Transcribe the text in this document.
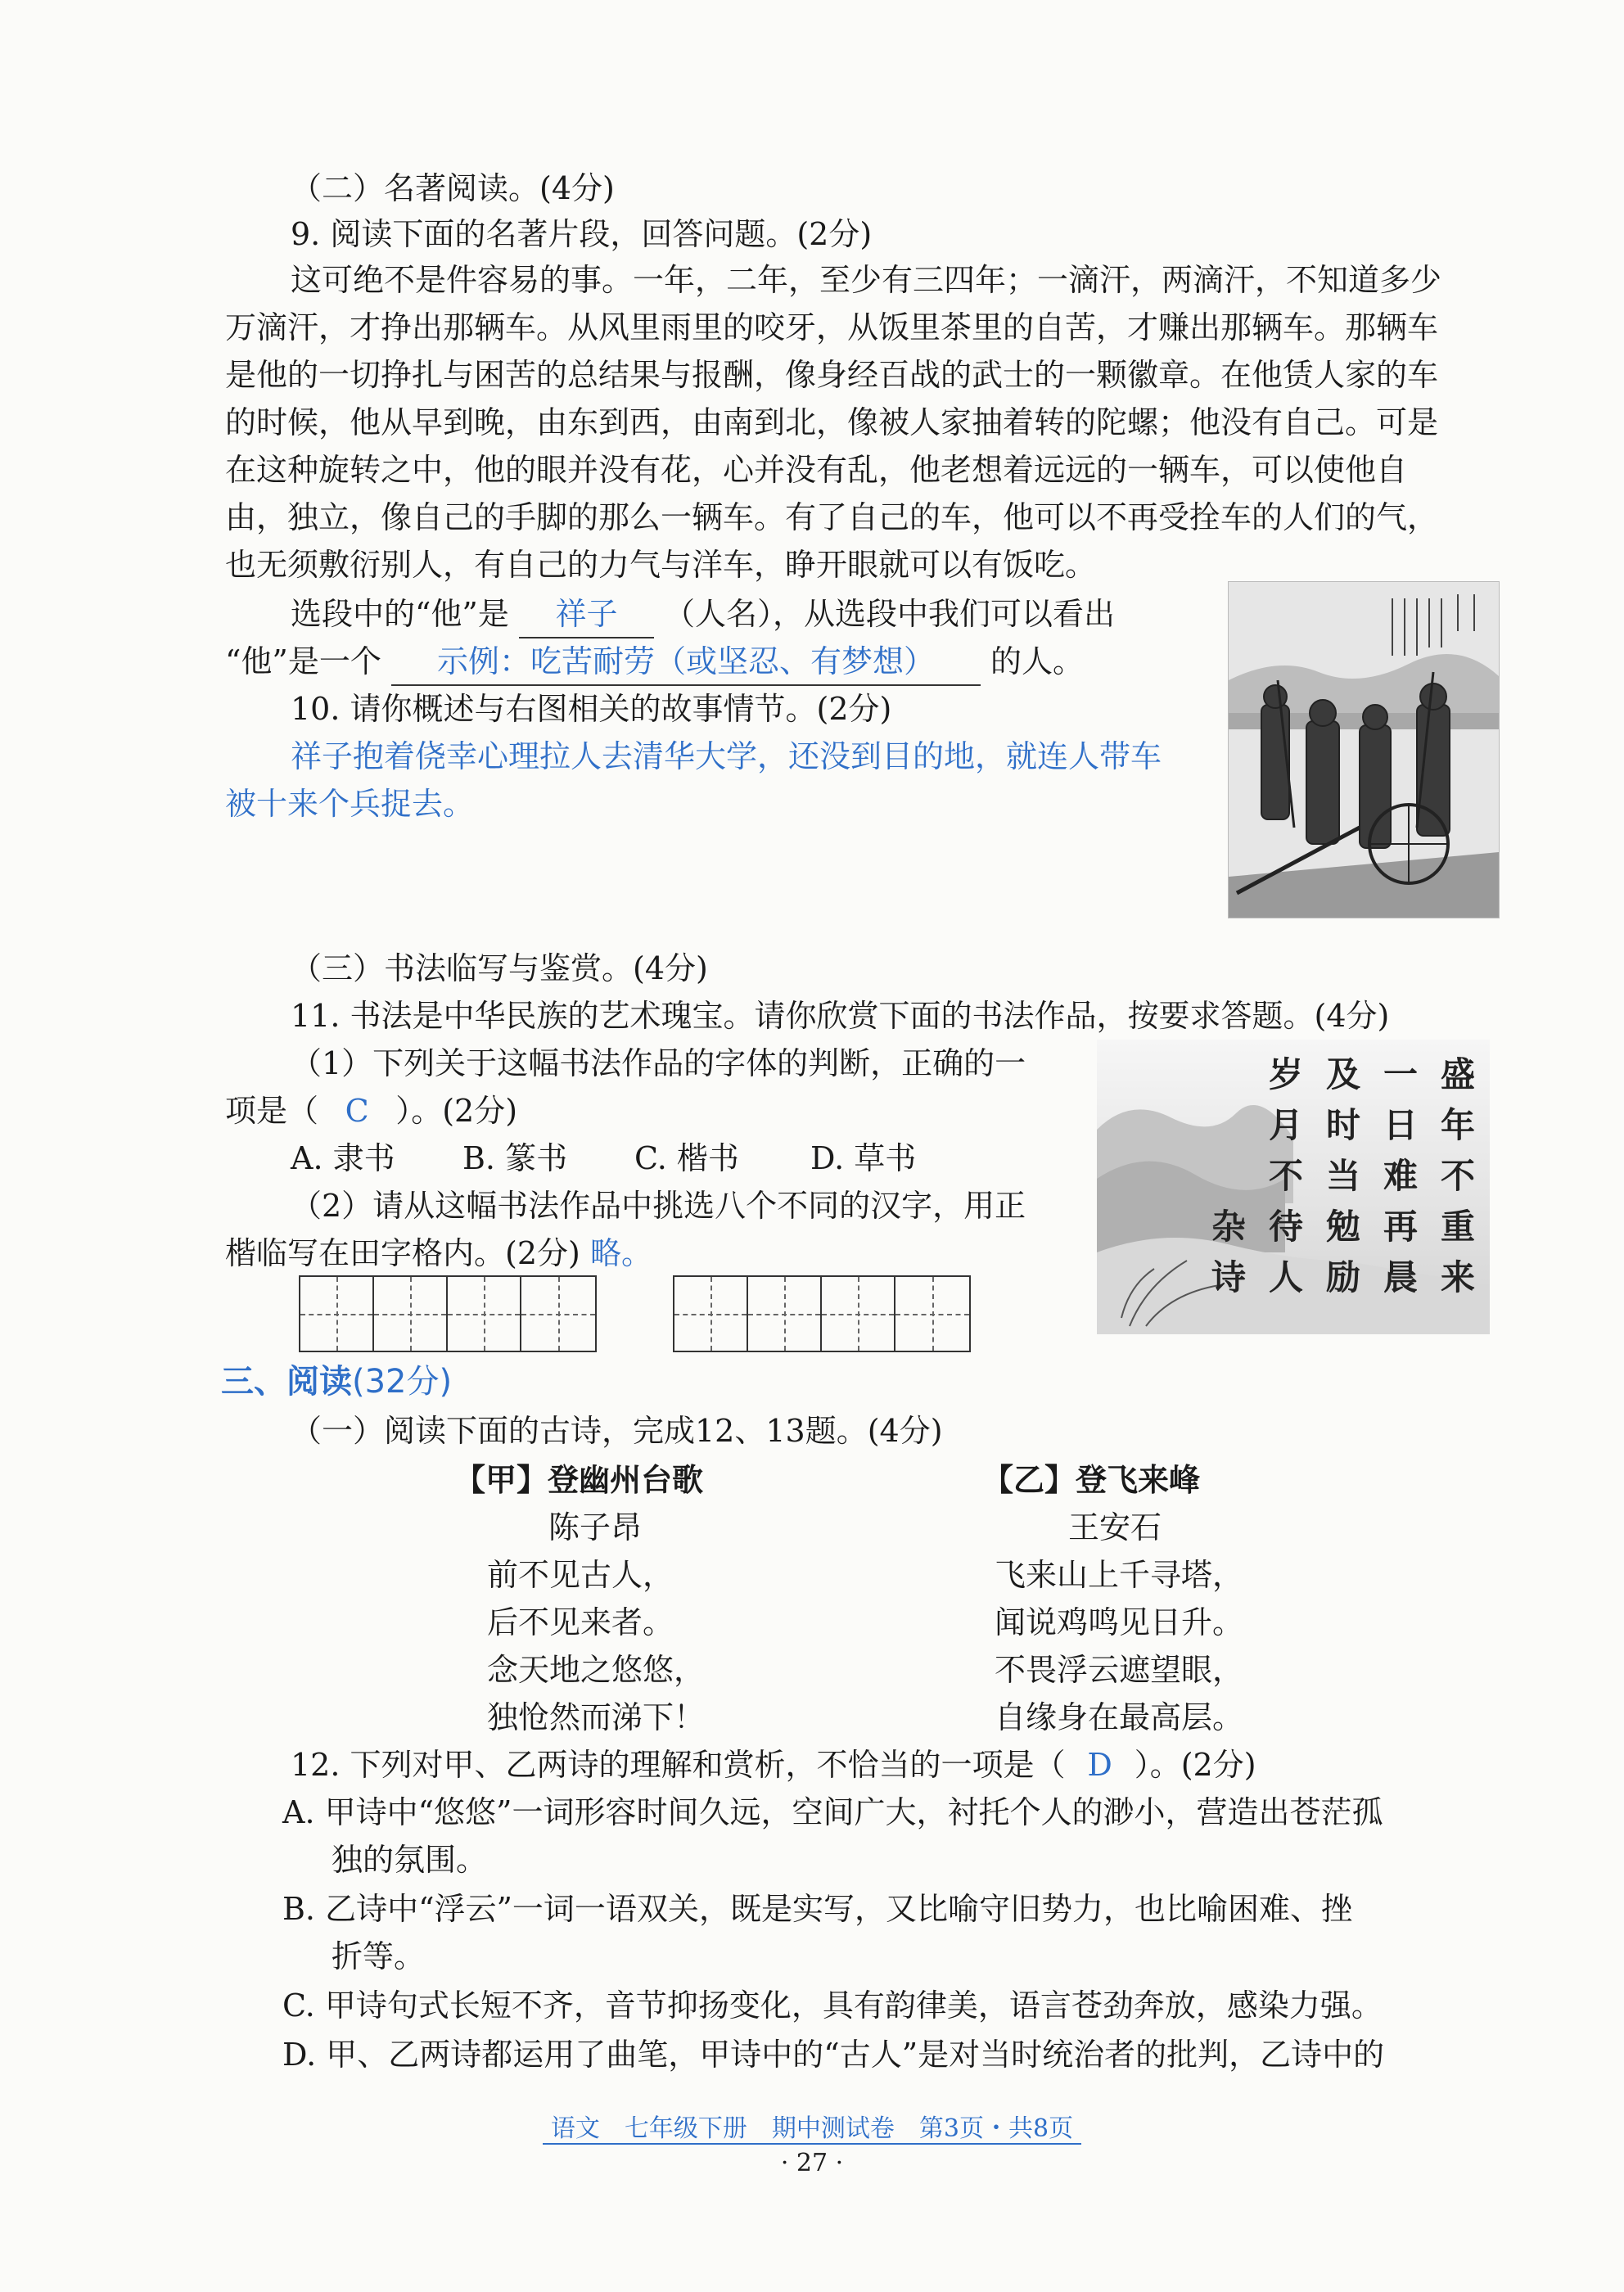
（二）名著阅读。(4分)
9. 阅读下面的名著片段，回答问题。(2分)
这可绝不是件容易的事。一年，二年，至少有三四年；一滴汗，两滴汗，不知道多少
万滴汗，才挣出那辆车。从风里雨里的咬牙，从饭里茶里的自苦，才赚出那辆车。那辆车
是他的一切挣扎与困苦的总结果与报酬，像身经百战的武士的一颗徽章。在他赁人家的车
的时候，他从早到晚，由东到西，由南到北，像被人家抽着转的陀螺；他没有自己。可是
在这种旋转之中，他的眼并没有花，心并没有乱，他老想着远远的一辆车，可以使他自
由，独立，像自己的手脚的那么一辆车。有了自己的车，他可以不再受拴车的人们的气，
也无须敷衍别人，有自己的力气与洋车，睁开眼就可以有饭吃。
选段中的“他”是 祥子 （人名），从选段中我们可以看出
“他”是一个 示例：吃苦耐劳（或坚忍、有梦想） 的人。
10. 请你概述与右图相关的故事情节。(2分)
祥子抱着侥幸心理拉人去清华大学，还没到目的地，就连人带车
被十来个兵捉去。
（三）书法临写与鉴赏。(4分)
11. 书法是中华民族的艺术瑰宝。请你欣赏下面的书法作品，按要求答题。(4分)
（1）下列关于这幅书法作品的字体的判断，正确的一
项是（ C ）。(2分)
A. 隶书 B. 篆书 C. 楷书 D. 草书
（2）请从这幅书法作品中挑选八个不同的汉字，用正
楷临写在田字格内。(2分) 略。
盛
年
不
重
来
一
日
难
再
晨
及
时
当
勉
励
岁
月
不
待
人
杂
诗
三、阅读(32分)
（一）阅读下面的古诗，完成12、13题。(4分)
【甲】登幽州台歌
陈子昂
前不见古人，
后不见来者。
念天地之悠悠，
独怆然而涕下！
【乙】登飞来峰
王安石
飞来山上千寻塔，
闻说鸡鸣见日升。
不畏浮云遮望眼，
自缘身在最高层。
12. 下列对甲、乙两诗的理解和赏析，不恰当的一项是（ D ）。(2分)
A. 甲诗中“悠悠”一词形容时间久远，空间广大，衬托个人的渺小，营造出苍茫孤
独的氛围。
B. 乙诗中“浮云”一词一语双关，既是实写，又比喻守旧势力，也比喻困难、挫
折等。
C. 甲诗句式长短不齐，音节抑扬变化，具有韵律美，语言苍劲奔放，感染力强。
D. 甲、乙两诗都运用了曲笔，甲诗中的“古人”是对当时统治者的批判，乙诗中的
语文　七年级下册　期中测试卷　第3页・共8页
· 27 ·
